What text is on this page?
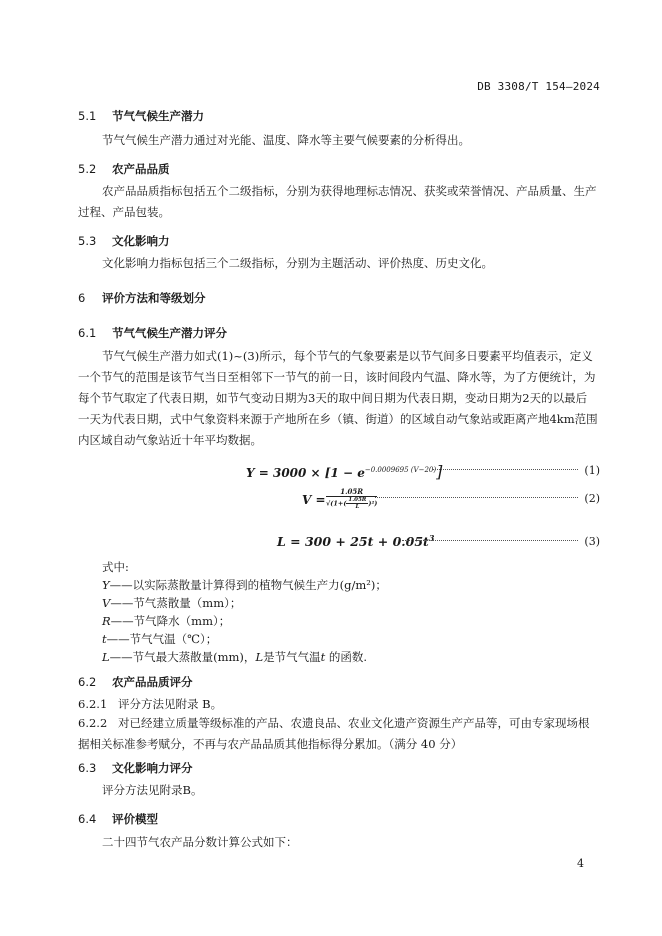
DB 3308/T 154—2024
5.1 节气气候生产潜力
节气气候生产潜力通过对光能、温度、降水等主要气候要素的分析得出。
5.2 农产品品质
农产品品质指标包括五个二级指标，分别为获得地理标志情况、获奖或荣誉情况、产品质量、生产过程、产品包装。
5.3 文化影响力
文化影响力指标包括三个二级指标，分别为主题活动、评价热度、历史文化。
6 评价方法和等级划分
6.1 节气气候生产潜力评分
节气气候生产潜力如式(1)~(3)所示，每个节气的气象要素是以节气间多日要素平均值表示，定义一个节气的范围是该节气当日至相邻下一节气的前一日，该时间段内气温、降水等，为了方便统计，为每个节气取定了代表日期，如节气变动日期为3天的取中间日期为代表日期，变动日期为2天的以最后一天为代表日期，式中气象资料来源于产地所在乡（镇、街道）的区域自动气象站或距离产地4km范围内区域自动气象站近十年平均数据。
$Y = 3000 \times [1 - e^{-0.0009695 (V-20)}]$	(1)
$V = \frac{1.05R}{√(1+( \frac{1.05R}{L} )^2)}$	(2)
$L = 300 + 25t + 0.05t^3$	(3)
式中:
Y——以实际蒸散量计算得到的植物气候生产力(g/m²)；
V——节气蒸散量（mm）；
R——节气降水（mm）；
t——节气气温（℃）；
L——节气最大蒸散量(mm)，L是节气气温t 的函数.
6.2 农产品品质评分
6.2.1 评分方法见附录 B。
6.2.2 对已经建立质量等级标准的产品、农遗良品、农业文化遗产资源生产产品等，可由专家现场根据相关标准参考赋分，不再与农产品品质其他指标得分累加。（满分 40 分）
6.3 文化影响力评分
评分方法见附录B。
6.4 评价模型
二十四节气农产品分数计算公式如下：
4
